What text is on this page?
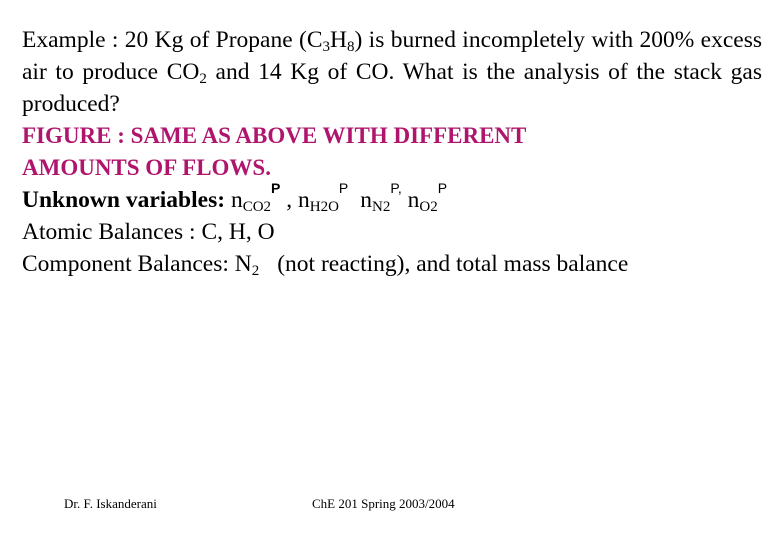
Example : 20 Kg of Propane $(C_3H_8)$ is burned incompletely with 200% excess air to produce $CO_2$ and 14 Kg of CO. What is the analysis of the stack gas produced?

FIGURE : SAME AS ABOVE WITH DIFFERENT

AMOUNTS OF FLOWS.

Unknown variables: $n_{CO2}^P$ , $n_{H2O}^P$ $n_{N2}^{P,}$ $n_{O2}^P$

Atomic Balances : C, H, O

Component Balances: $N_2$ (not reacting), and total mass balance

Dr. F. Iskanderani	ChE 201 Spring 2003/2004
